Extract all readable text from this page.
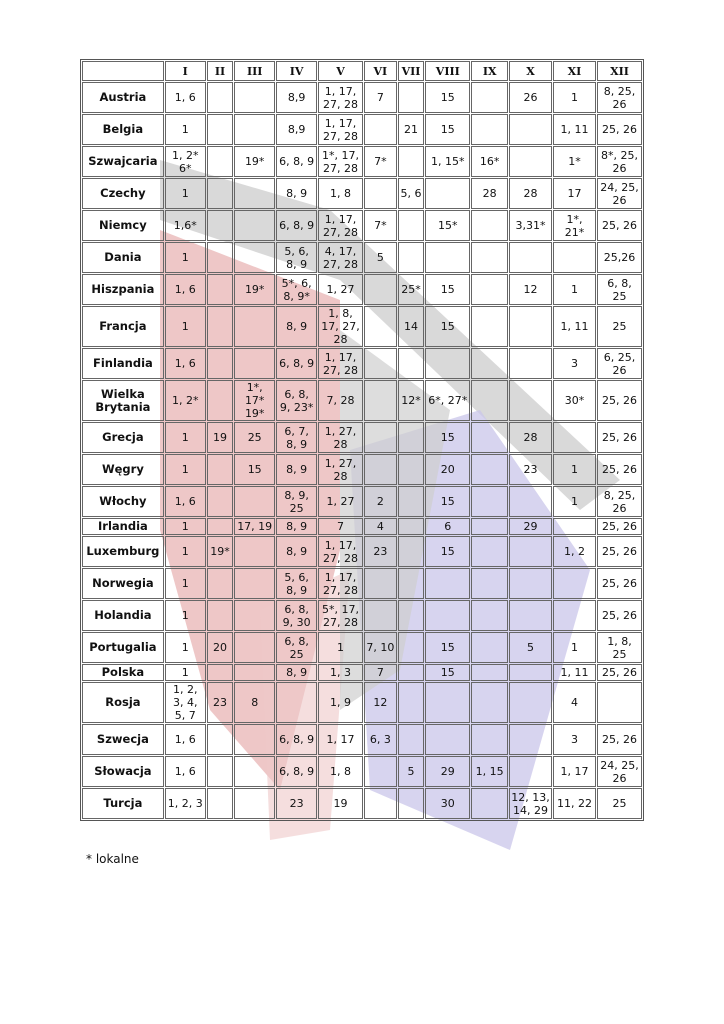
	I	II	III	IV	V	VI	VII	VIII	IX	X	XI	XII
Austria	1, 6			8,9	1, 17, 27, 28	7		15		26	1	8, 25, 26
Belgia	1			8,9	1, 17, 27, 28		21	15			1, 11	25, 26
Szwajcaria	1, 2* 6*		19*	6, 8, 9	1*, 17, 27, 28	7*		1, 15*	16*		1*	8*, 25, 26
Czechy	1			8, 9	1, 8		5, 6		28	28	17	24, 25, 26
Niemcy	1,6*			6, 8, 9	1, 17, 27, 28	7*		15*		3,31*	1*, 21*	25, 26
Dania	1			5, 6, 8, 9	4, 17, 27, 28	5						25,26
Hiszpania	1, 6		19*	5*, 6, 8, 9*	1, 27		25*	15		12	1	6, 8, 25
Francja	1			8, 9	1, 8, 17, 27, 28		14	15			1, 11	25
Finlandia	1, 6			6, 8, 9	1, 17, 27, 28						3	6, 25, 26
Wielka Brytania	1, 2*		1*, 17* 19*	6, 8, 9, 23*	7, 28		12*	6*, 27*			30*	25, 26
Grecja	1	19	25	6, 7, 8, 9	1, 27, 28			15		28		25, 26
Węgry	1		15	8, 9	1, 27, 28			20		23	1	25, 26
Włochy	1, 6			8, 9, 25	1, 27	2		15			1	8, 25, 26
Irlandia	1		17, 19	8, 9	7	4		6		29		25, 26
Luxemburg	1	19*		8, 9	1, 17, 27, 28	23		15			1, 2	25, 26
Norwegia	1			5, 6, 8, 9	1, 17, 27, 28							25, 26
Holandia	1			6, 8, 9, 30	5*, 17, 27, 28							25, 26
Portugalia	1	20		6, 8, 25	1	7, 10		15		5	1	1, 8, 25
Polska	1			8, 9	1, 3	7		15			1, 11	25, 26
Rosja	1, 2, 3, 4, 5, 7	23	8		1, 9	12					4	
Szwecja	1, 6			6, 8, 9	1, 17	6, 3					3	25, 26
Słowacja	1, 6			6, 8, 9	1, 8		5	29	1, 15		1, 17	24, 25, 26
Turcja	1, 2, 3			23	19			30		12, 13, 14, 29	11, 22	25
* lokalne
